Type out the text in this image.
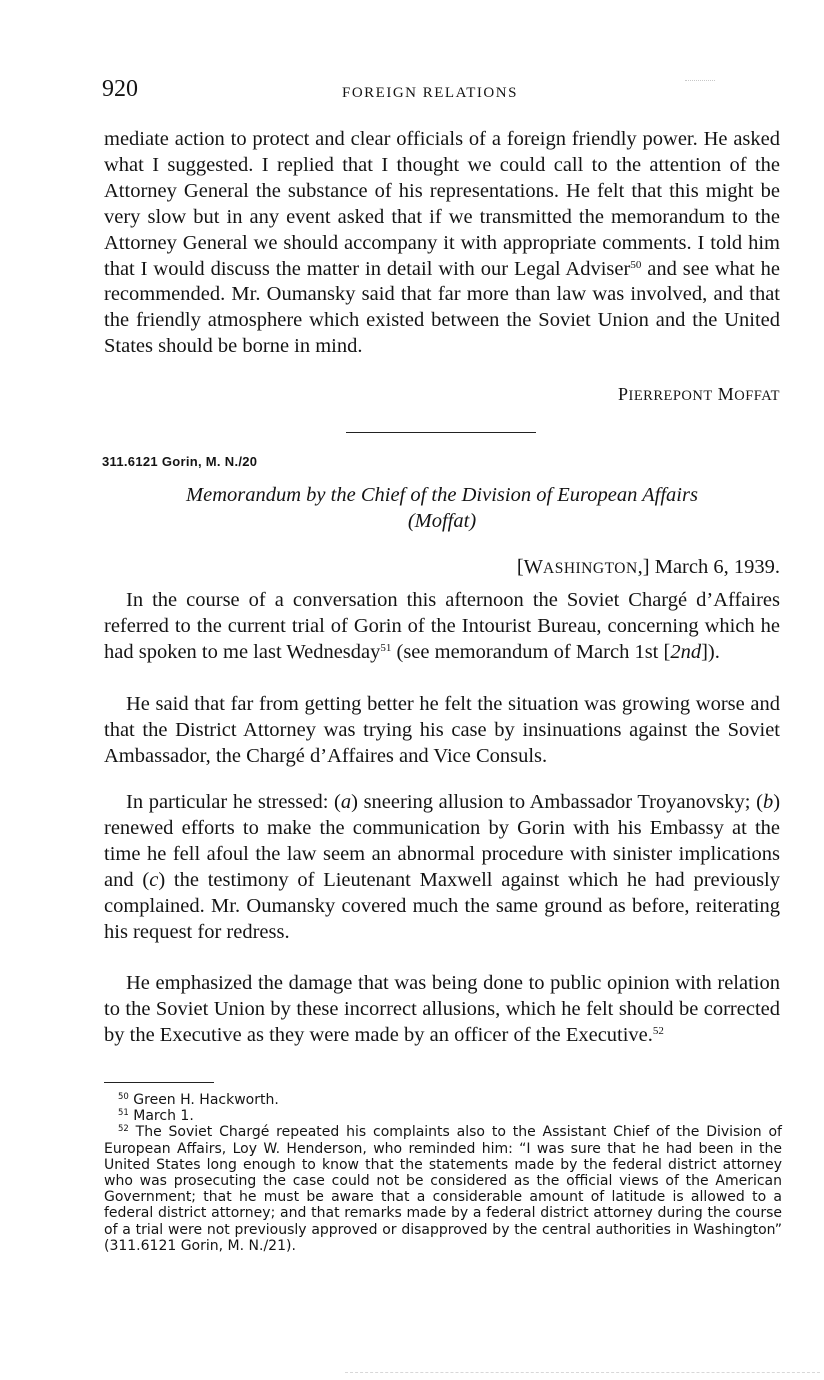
920	FOREIGN RELATIONS

mediate action to protect and clear officials of a foreign friendly power. He asked what I suggested. I replied that I thought we could call to the attention of the Attorney General the substance of his representations. He felt that this might be very slow but in any event asked that if we transmitted the memorandum to the Attorney General we should accompany it with appropriate comments. I told him that I would discuss the matter in detail with our Legal Adviser$^{50}$ and see what he recommended. Mr. Oumansky said that far more than law was involved, and that the friendly atmosphere which existed between the Soviet Union and the United States should be borne in mind.

PIERREPONT MOFFAT
311.6121 Gorin, M. N./20
Memorandum by the Chief of the Division of European Affairs
(Moffat)
[WASHINGTON,] March 6, 1939.

In the course of a conversation this afternoon the Soviet Chargé d’Affaires referred to the current trial of Gorin of the Intourist Bureau, concerning which he had spoken to me last Wednesday$^{51}$ (see memorandum of March 1st [2nd]).

He said that far from getting better he felt the situation was growing worse and that the District Attorney was trying his case by insinuations against the Soviet Ambassador, the Chargé d’Affaires and Vice Consuls.

In particular he stressed: (a) sneering allusion to Ambassador Troyanovsky; (b) renewed efforts to make the communication by Gorin with his Embassy at the time he fell afoul the law seem an abnormal procedure with sinister implications and (c) the testimony of Lieutenant Maxwell against which he had previously complained. Mr. Oumansky covered much the same ground as before, reiterating his request for redress.

He emphasized the damage that was being done to public opinion with relation to the Soviet Union by these incorrect allusions, which he felt should be corrected by the Executive as they were made by an officer of the Executive.$^{52}$

$^{50}$ Green H. Hackworth.

$^{51}$ March 1.

$^{52}$ The Soviet Chargé repeated his complaints also to the Assistant Chief of the Division of European Affairs, Loy W. Henderson, who reminded him: “I was sure that he had been in the United States long enough to know that the statements made by the federal district attorney who was prosecuting the case could not be considered as the official views of the American Government; that he must be aware that a considerable amount of latitude is allowed to a federal district attorney; and that remarks made by a federal district attorney during the course of a trial were not previously approved or disapproved by the central authorities in Washington” (311.6121 Gorin, M. N./21).
